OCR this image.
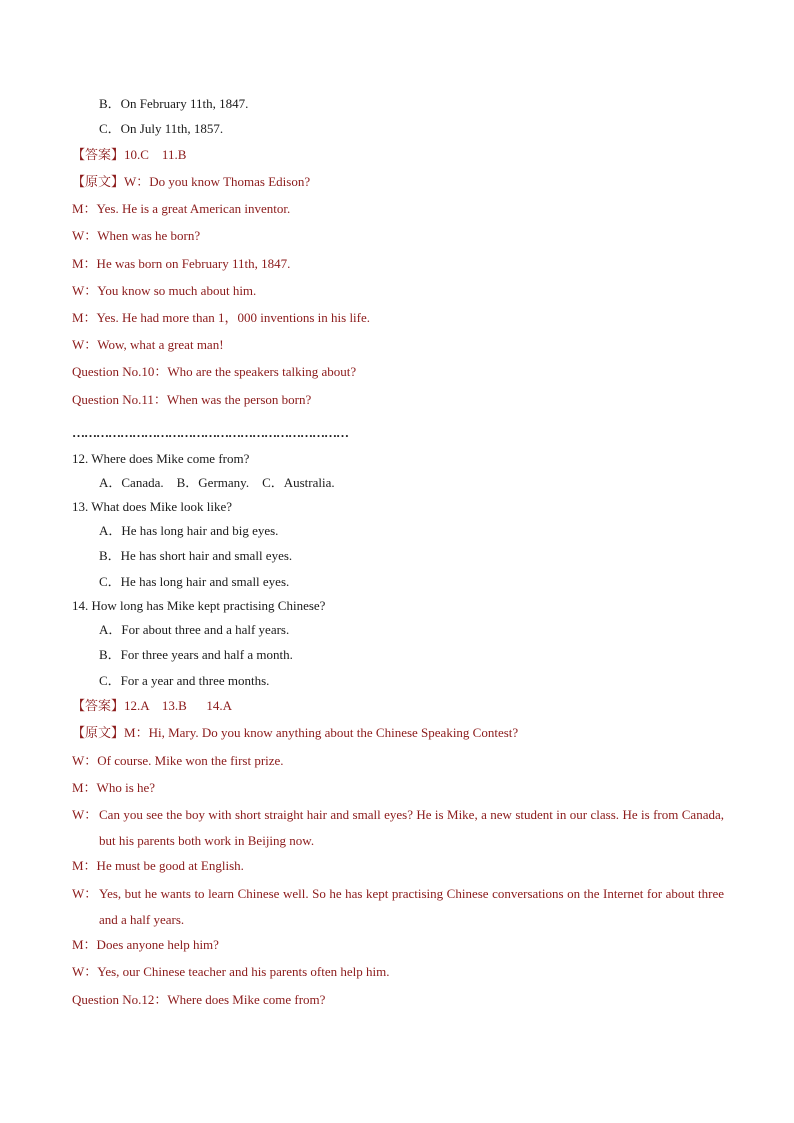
B．On February 11th, 1847.
C．On July 11th, 1857.
【答案】10.C    11.B
【原文】W：Do you know Thomas Edison?
M：Yes. He is a great American inventor.
W：When was he born?
M：He was born on February 11th, 1847.
W：You know so much about him.
M：Yes. He had more than 1，000 inventions in his life.
W：Wow, what a great man!
Question No.10：Who are the speakers talking about?
Question No.11：When was the person born?
……………………………………………………………
12. Where does Mike come from?
A．Canada.    B．Germany.    C．Australia.
13. What does Mike look like?
A．He has long hair and big eyes.
B．He has short hair and small eyes.
C．He has long hair and small eyes.
14. How long has Mike kept practising Chinese?
A．For about three and a half years.
B．For three years and half a month.
C．For a year and three months.
【答案】12.A    13.B      14.A
【原文】M：Hi, Mary. Do you know anything about the Chinese Speaking Contest?
W：Of course. Mike won the first prize.
M：Who is he?
W： Can you see the boy with short straight hair and small eyes? He is Mike, a new student in our class. He is from Canada, but his parents both work in Beijing now.
M：He must be good at English.
W： Yes, but he wants to learn Chinese well. So he has kept practising Chinese conversations on the Internet for about three and a half years.
M：Does anyone help him?
W：Yes, our Chinese teacher and his parents often help him.
Question No.12：Where does Mike come from?
